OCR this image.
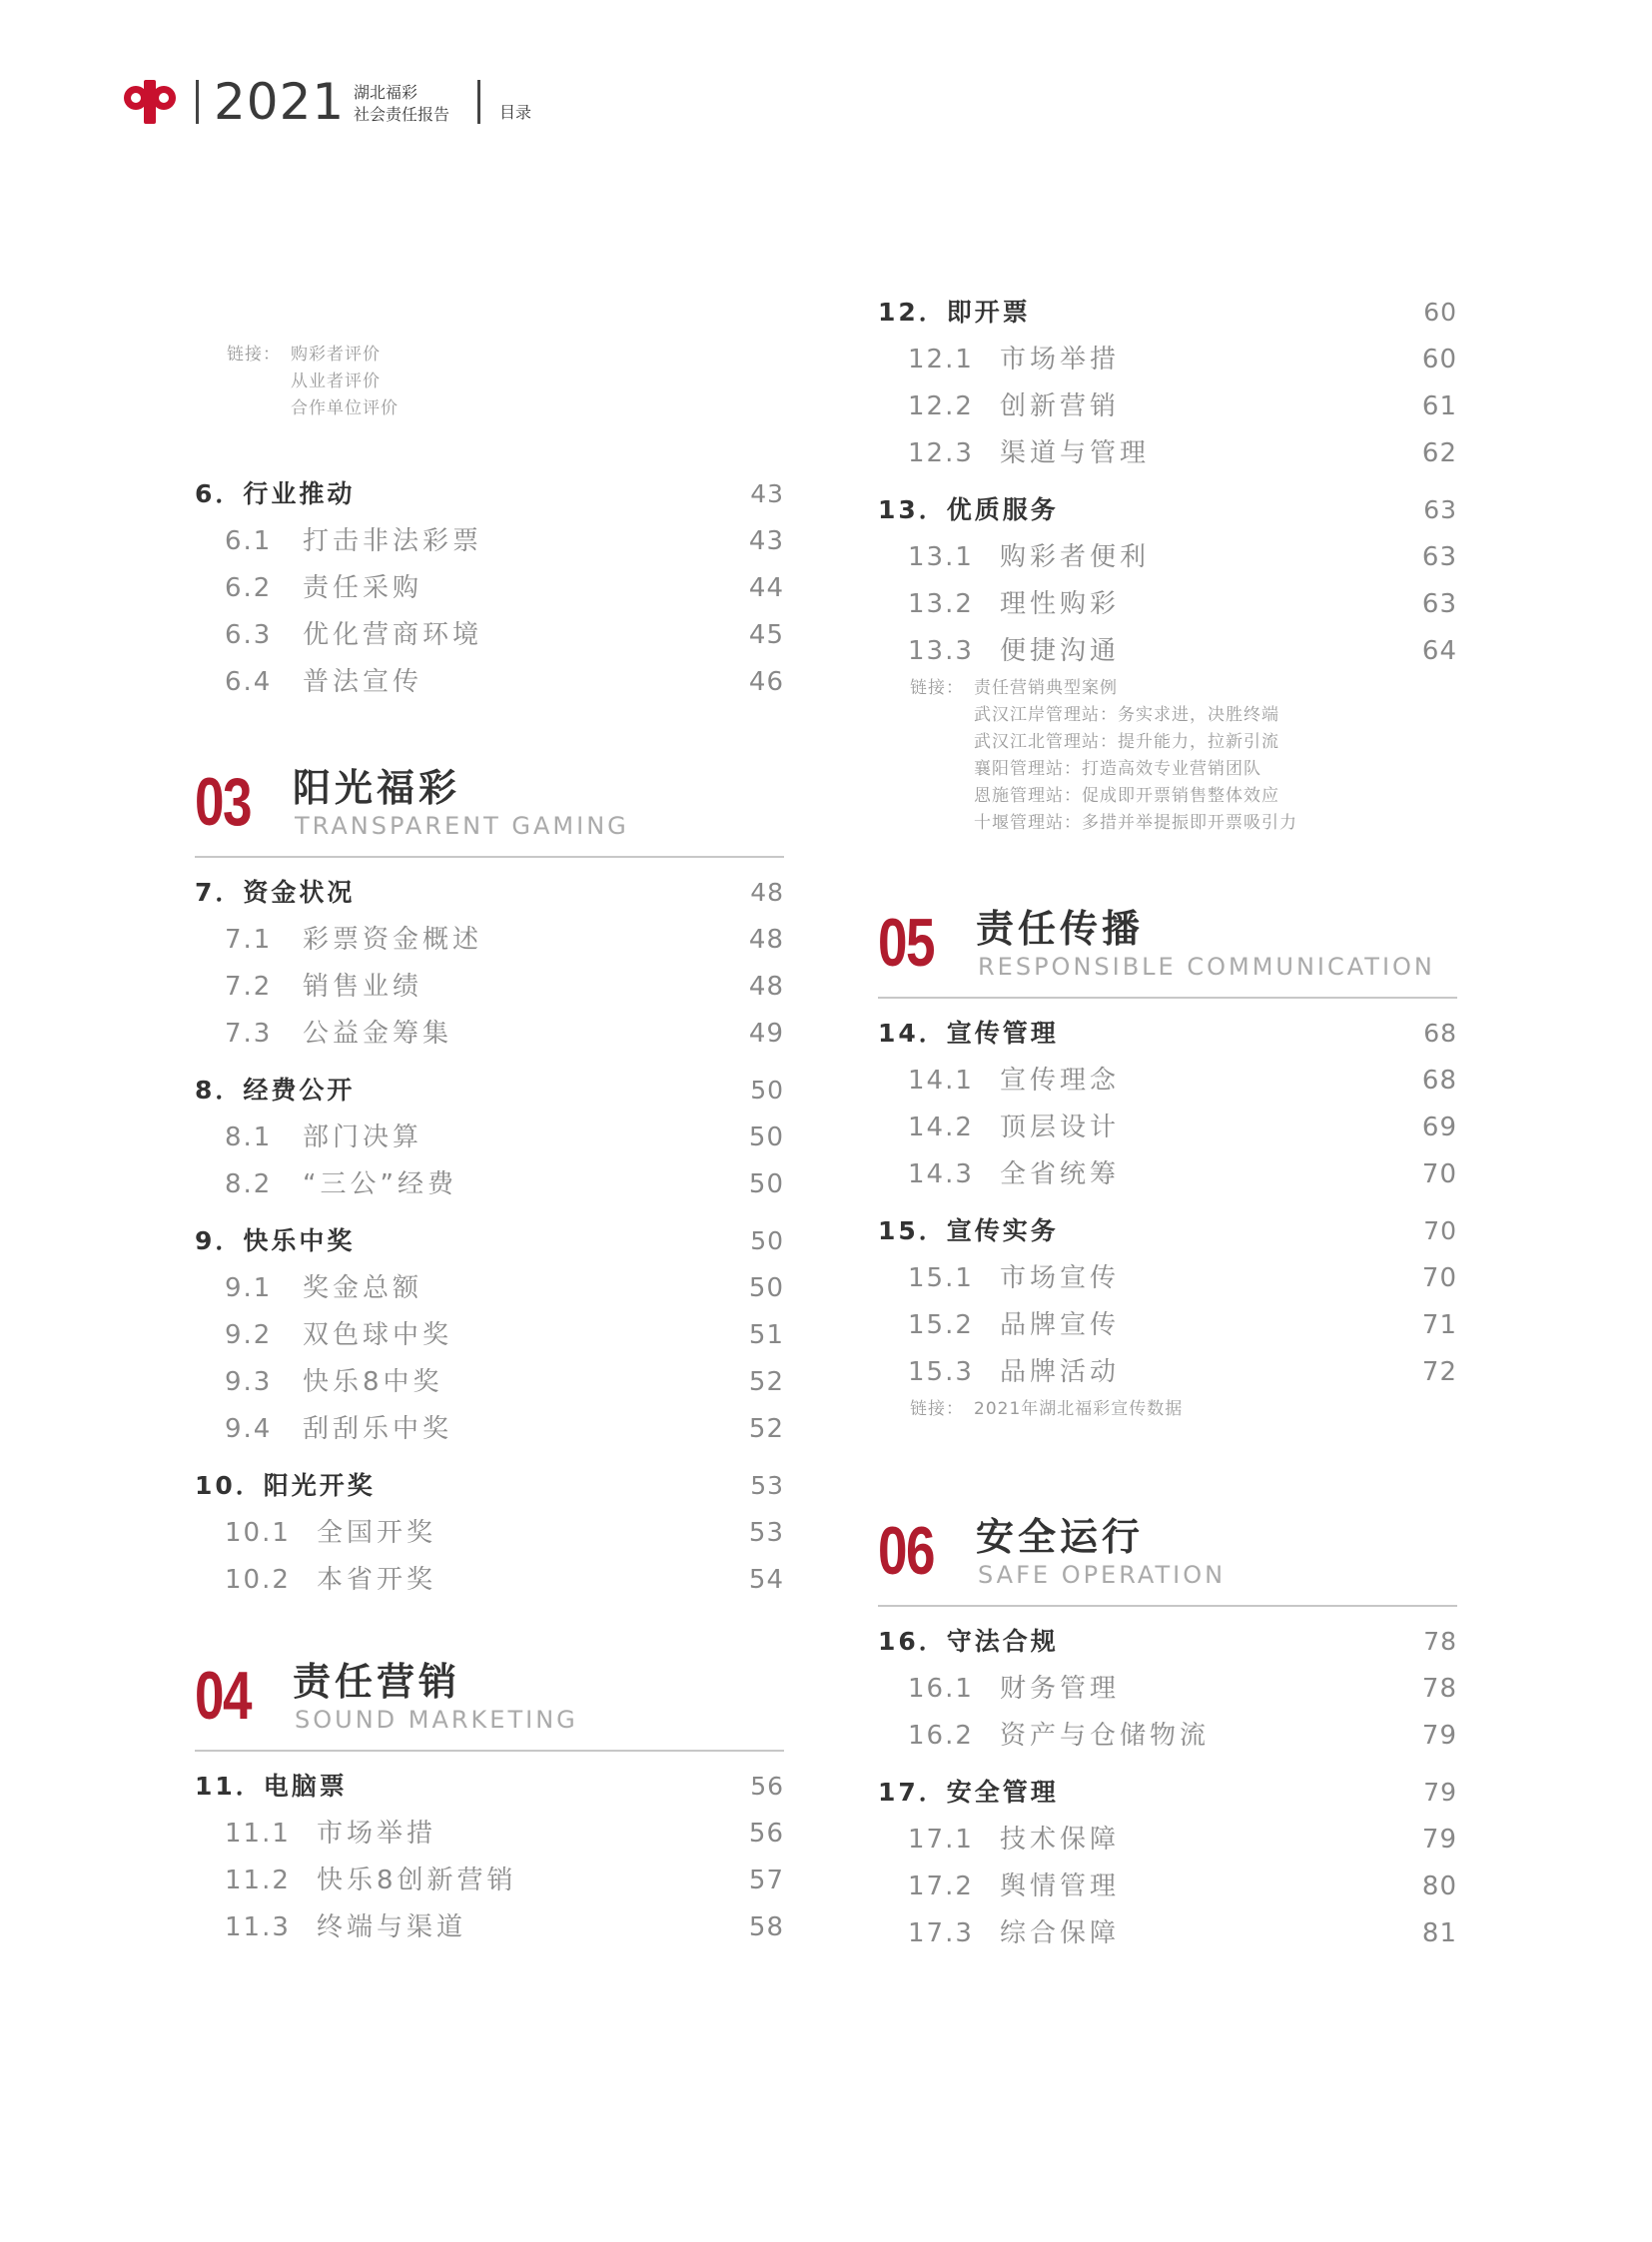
2021 湖北福彩
社会责任报告	目录
链接： 购彩者评价
从业者评价
合作单位评价
6．行业推动	43
6.1 打击非法彩票	43
6.2 责任采购	44
6.3 优化营商环境	45
6.4 普法宣传	46
03 阳光福彩
TRANSPARENT GAMING
7．资金状况	48
7.1 彩票资金概述	48
7.2 销售业绩	48
7.3 公益金筹集	49
8．经费公开	50
8.1 部门决算	50
8.2 “三公”经费	50
9．快乐中奖	50
9.1 奖金总额	50
9.2 双色球中奖	51
9.3 快乐8中奖	52
9.4 刮刮乐中奖	52
10．阳光开奖	53
10.1 全国开奖	53
10.2 本省开奖	54
04 责任营销
SOUND MARKETING
11．电脑票	56
11.1 市场举措	56
11.2 快乐8创新营销	57
11.3 终端与渠道	58
12．即开票	60
12.1 市场举措	60
12.2 创新营销	61
12.3 渠道与管理	62
13．优质服务	63
13.1 购彩者便利	63
13.2 理性购彩	63
13.3 便捷沟通	64
链接： 责任营销典型案例
武汉江岸管理站：务实求进，决胜终端
武汉江北管理站：提升能力，拉新引流
襄阳管理站：打造高效专业营销团队
恩施管理站：促成即开票销售整体效应
十堰管理站：多措并举提振即开票吸引力
05 责任传播
RESPONSIBLE COMMUNICATION
14．宣传管理	68
14.1 宣传理念	68
14.2 顶层设计	69
14.3 全省统筹	70
15．宣传实务	70
15.1 市场宣传	70
15.2 品牌宣传	71
15.3 品牌活动	72
链接： 2021年湖北福彩宣传数据
06 安全运行
SAFE OPERATION
16．守法合规	78
16.1 财务管理	78
16.2 资产与仓储物流	79
17．安全管理	79
17.1 技术保障	79
17.2 舆情管理	80
17.3 综合保障	81
